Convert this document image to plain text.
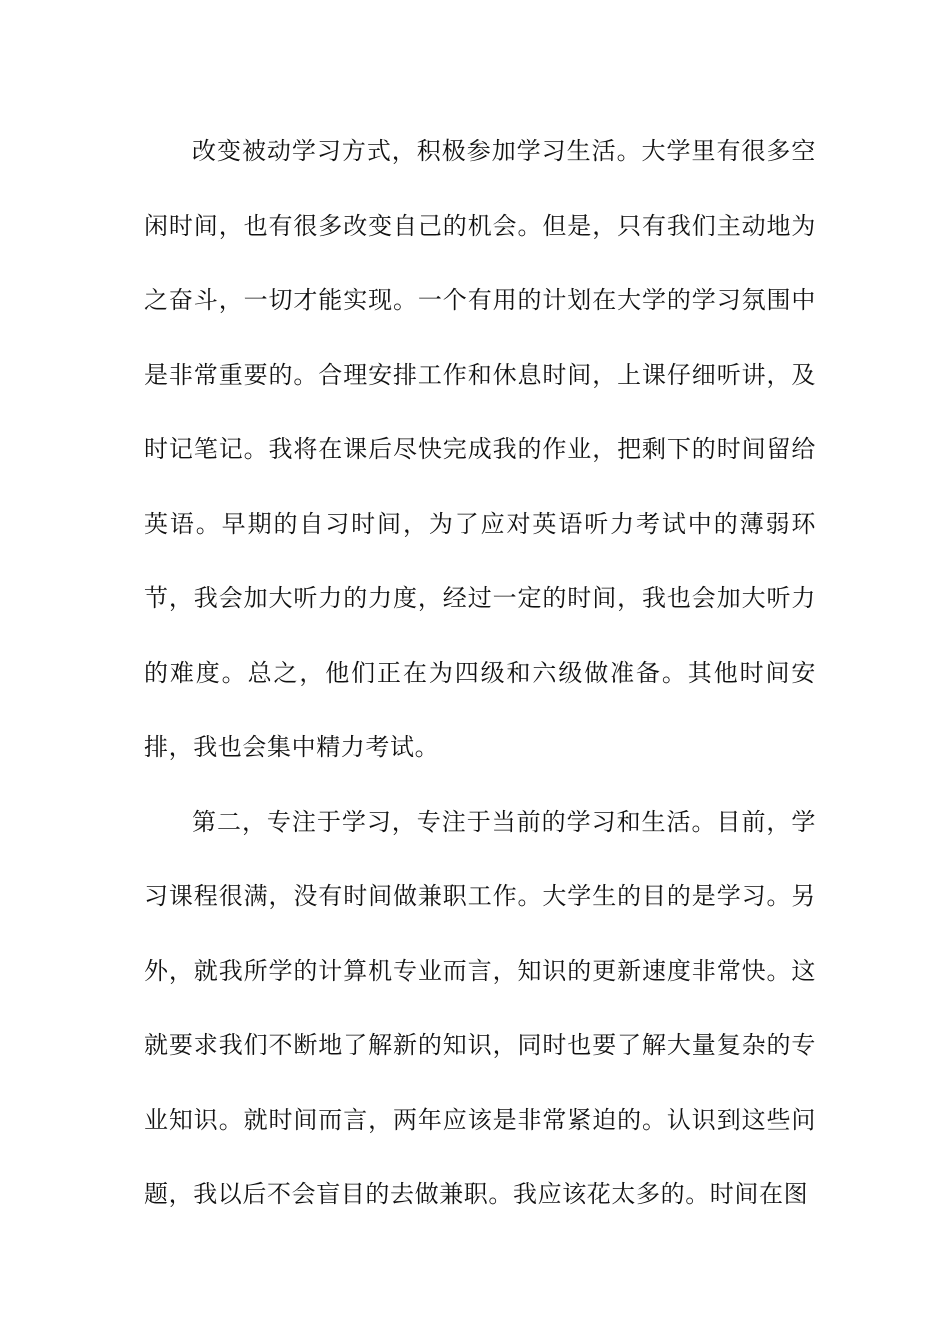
改变被动学习方式，积极参加学习生活。大学里有很多空闲时间，也有很多改变自己的机会。但是，只有我们主动地为之奋斗，一切才能实现。一个有用的计划在大学的学习氛围中是非常重要的。合理安排工作和休息时间，上课仔细听讲，及时记笔记。我将在课后尽快完成我的作业，把剩下的时间留给英语。早期的自习时间，为了应对英语听力考试中的薄弱环节，我会加大听力的力度，经过一定的时间，我也会加大听力的难度。总之，他们正在为四级和六级做准备。其他时间安排，我也会集中精力考试。

第二，专注于学习，专注于当前的学习和生活。目前，学习课程很满，没有时间做兼职工作。大学生的目的是学习。另外，就我所学的计算机专业而言，知识的更新速度非常快。这就要求我们不断地了解新的知识，同时也要了解大量复杂的专业知识。就时间而言，两年应该是非常紧迫的。认识到这些问题，我以后不会盲目的去做兼职。我应该花太多的。时间在图
